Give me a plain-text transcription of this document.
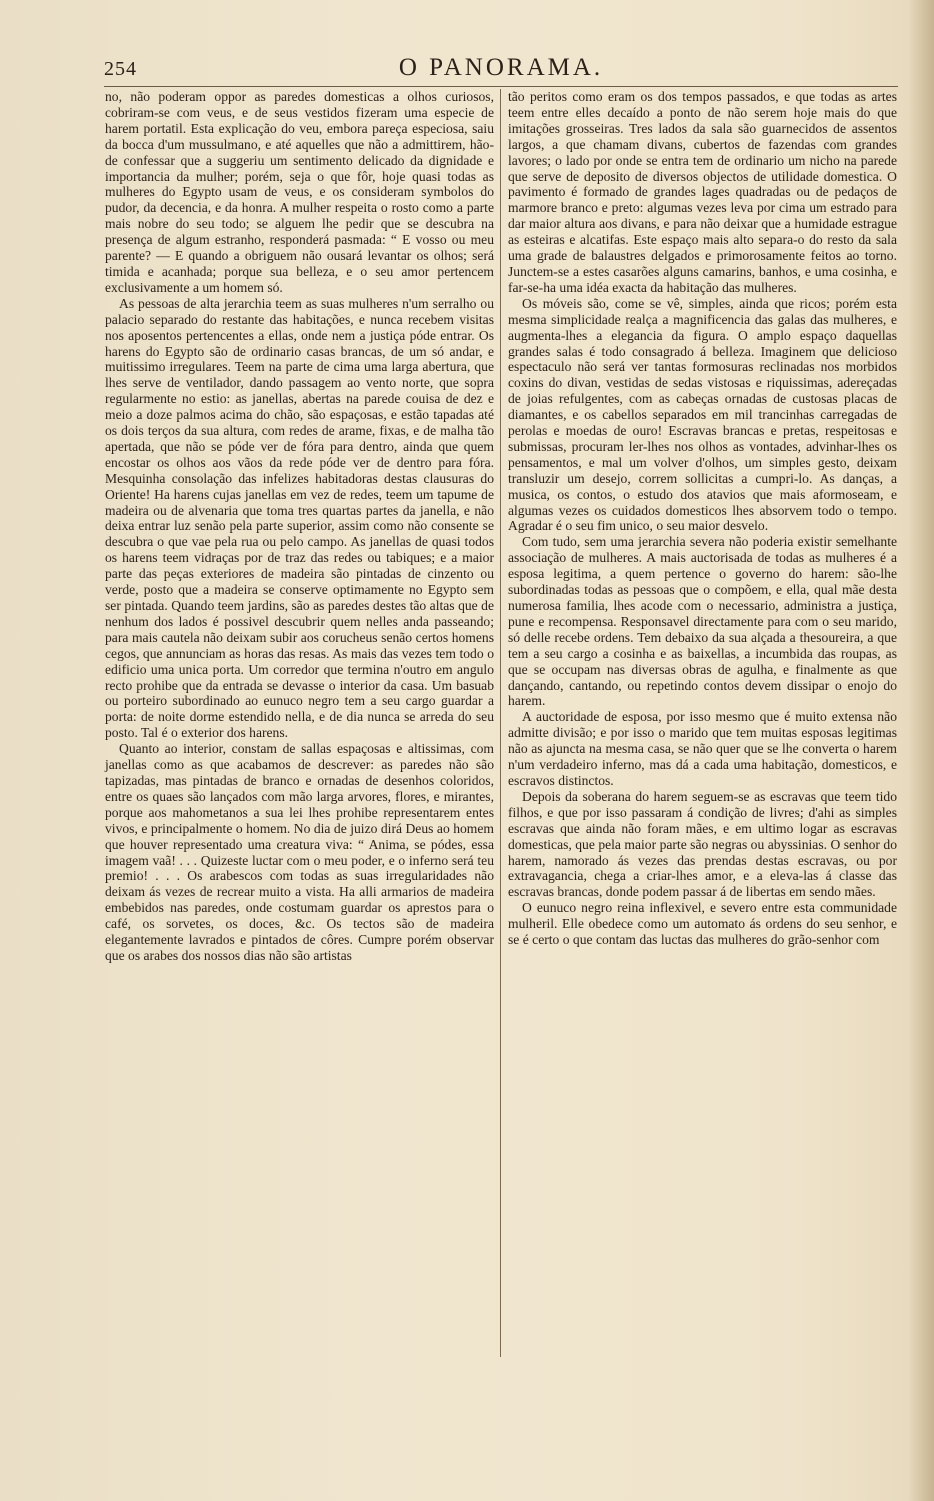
254	O PANORAMA.

no, não poderam oppor as paredes domesticas a olhos curiosos, cobriram-se com veus, e de seus vestidos fizeram uma especie de harem portatil. Esta explicação do veu, embora pareça especiosa, saiu da bocca d'um mussulmano, e até aquelles que não a admittirem, hão-de confessar que a suggeriu um sentimento delicado da dignidade e importancia da mulher; porém, seja o que fôr, hoje quasi todas as mulheres do Egypto usam de veus, e os consideram symbolos do pudor, da decencia, e da honra. A mulher respeita o rosto como a parte mais nobre do seu todo; se alguem lhe pedir que se descubra na presença de algum estranho, responderá pasmada: “ E vosso ou meu parente? — E quando a obriguem não ousará levantar os olhos; será timida e acanhada; porque sua belleza, e o seu amor pertencem exclusivamente a um homem só.

As pessoas de alta jerarchia teem as suas mulheres n'um serralho ou palacio separado do restante das habitações, e nunca recebem visitas nos aposentos pertencentes a ellas, onde nem a justiça póde entrar. Os harens do Egypto são de ordinario casas brancas, de um só andar, e muitissimo irregulares. Teem na parte de cima uma larga abertura, que lhes serve de ventilador, dando passagem ao vento norte, que sopra regularmente no estio: as janellas, abertas na parede couisa de dez e meio a doze palmos acima do chão, são espaçosas, e estão tapadas até os dois terços da sua altura, com redes de arame, fixas, e de malha tão apertada, que não se póde ver de fóra para dentro, ainda que quem encostar os olhos aos vãos da rede póde ver de dentro para fóra. Mesquinha consolação das infelizes habitadoras destas clausuras do Oriente! Ha harens cujas janellas em vez de redes, teem um tapume de madeira ou de alvenaria que toma tres quartas partes da janella, e não deixa entrar luz senão pela parte superior, assim como não consente se descubra o que vae pela rua ou pelo campo. As janellas de quasi todos os harens teem vidraças por de traz das redes ou tabiques; e a maior parte das peças exteriores de madeira são pintadas de cinzento ou verde, posto que a madeira se conserve optimamente no Egypto sem ser pintada. Quando teem jardins, são as paredes destes tão altas que de nenhum dos lados é possivel descubrir quem nelles anda passeando; para mais cautela não deixam subir aos corucheus senão certos homens cegos, que annunciam as horas das resas. As mais das vezes tem todo o edificio uma unica porta. Um corredor que termina n'outro em angulo recto prohibe que da entrada se devasse o interior da casa. Um basuab ou porteiro subordinado ao eunuco negro tem a seu cargo guardar a porta: de noite dorme estendido nella, e de dia nunca se arreda do seu posto. Tal é o exterior dos harens.

Quanto ao interior, constam de sallas espaçosas e altissimas, com janellas como as que acabamos de descrever: as paredes não são tapizadas, mas pintadas de branco e ornadas de desenhos coloridos, entre os quaes são lançados com mão larga arvores, flores, e mirantes, porque aos mahometanos a sua lei lhes prohibe representarem entes vivos, e principalmente o homem. No dia de juizo dirá Deus ao homem que houver representado uma creatura viva: “ Anima, se pódes, essa imagem vaã! . . . Quizeste luctar com o meu poder, e o inferno será teu premio! . . . Os arabescos com todas as suas irregularidades não deixam ás vezes de recrear muito a vista. Ha alli armarios de madeira embebidos nas paredes, onde costumam guardar os aprestos para o café, os sorvetes, os doces, &c. Os tectos são de madeira elegantemente lavrados e pintados de côres. Cumpre porém observar que os arabes dos nossos dias não são artistas

tão peritos como eram os dos tempos passados, e que todas as artes teem entre elles decaído a ponto de não serem hoje mais do que imitações grosseiras. Tres lados da sala são guarnecidos de assentos largos, a que chamam divans, cubertos de fazendas com grandes lavores; o lado por onde se entra tem de ordinario um nicho na parede que serve de deposito de diversos objectos de utilidade domestica. O pavimento é formado de grandes lages quadradas ou de pedaços de marmore branco e preto: algumas vezes leva por cima um estrado para dar maior altura aos divans, e para não deixar que a humidade estrague as esteiras e alcatifas. Este espaço mais alto separa-o do resto da sala uma grade de balaustres delgados e primorosamente feitos ao torno. Junctem-se a estes casarões alguns camarins, banhos, e uma cosinha, e far-se-ha uma idéa exacta da habitação das mulheres.

Os móveis são, come se vê, simples, ainda que ricos; porém esta mesma simplicidade realça a magnificencia das galas das mulheres, e augmenta-lhes a elegancia da figura. O amplo espaço daquellas grandes salas é todo consagrado á belleza. Imaginem que delicioso espectaculo não será ver tantas formosuras reclinadas nos morbidos coxins do divan, vestidas de sedas vistosas e riquissimas, adereçadas de joias refulgentes, com as cabeças ornadas de custosas placas de diamantes, e os cabellos separados em mil trancinhas carregadas de perolas e moedas de ouro! Escravas brancas e pretas, respeitosas e submissas, procuram ler-lhes nos olhos as vontades, advinhar-lhes os pensamentos, e mal um volver d'olhos, um simples gesto, deixam transluzir um desejo, correm sollicitas a cumpri-lo. As danças, a musica, os contos, o estudo dos atavios que mais aformoseam, e algumas vezes os cuidados domesticos lhes absorvem todo o tempo. Agradar é o seu fim unico, o seu maior desvelo.

Com tudo, sem uma jerarchia severa não poderia existir semelhante associação de mulheres. A mais auctorisada de todas as mulheres é a esposa legitima, a quem pertence o governo do harem: são-lhe subordinadas todas as pessoas que o compõem, e ella, qual mãe desta numerosa familia, lhes acode com o necessario, administra a justiça, pune e recompensa. Responsavel directamente para com o seu marido, só delle recebe ordens. Tem debaixo da sua alçada a thesoureira, a que tem a seu cargo a cosinha e as baixellas, a incumbida das roupas, as que se occupam nas diversas obras de agulha, e finalmente as que dançando, cantando, ou repetindo contos devem dissipar o enojo do harem.

A auctoridade de esposa, por isso mesmo que é muito extensa não admitte divisão; e por isso o marido que tem muitas esposas legitimas não as ajuncta na mesma casa, se não quer que se lhe converta o harem n'um verdadeiro inferno, mas dá a cada uma habitação, domesticos, e escravos distinctos.

Depois da soberana do harem seguem-se as escravas que teem tido filhos, e que por isso passaram á condição de livres; d'ahi as simples escravas que ainda não foram mães, e em ultimo logar as escravas domesticas, que pela maior parte são negras ou abyssinias. O senhor do harem, namorado ás vezes das prendas destas escravas, ou por extravagancia, chega a criar-lhes amor, e a eleva-las á classe das escravas brancas, donde podem passar á de libertas em sendo mães.

O eunuco negro reina inflexivel, e severo entre esta communidade mulheril. Elle obedece como um automato ás ordens do seu senhor, e se é certo o que contam das luctas das mulheres do grão-senhor com
